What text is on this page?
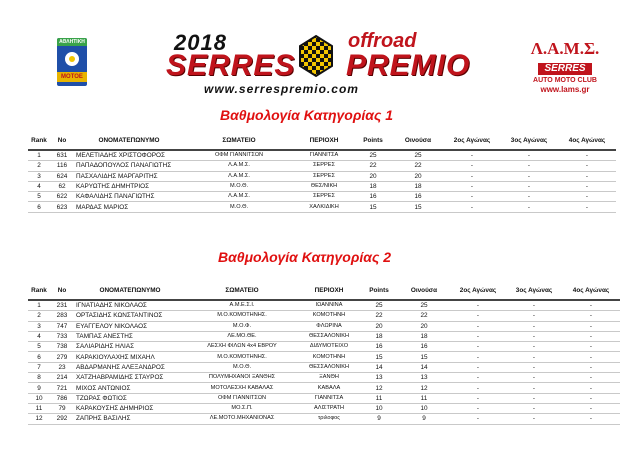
ΑΘΛΗΤΙΚΗ
ΜΟΤΟΕ
2018	offroad
SERRES PREMIO
www.serrespremio.com
Λ.Α.Μ.Σ.
SERRES
AUTO MOTO CLUB
www.lams.gr
Βαθμολογία Κατηγορίας 1
Rank	No	ΟΝΟΜΑΤΕΠΩΝΥΜΟ	ΣΩΜΑΤΕΙΟ	ΠΕΡΙΟΧΗ	Points	Οινούσα	2ος Αγώνας	3ος Αγώνας	4ος Αγώνας

1	631	ΜΕΛΕΤΙΑΔΗΣ ΧΡΙΣΤΟΦΟΡΟΣ	ΟΦΜ ΓΙΑΝΝΙΤΣΩΝ	ΓΙΑΝΝΙΤΣΑ	25	25	-	-	-
2	116	ΠΑΠΑΔΟΠΟΥΛΟΣ ΠΑΝΑΓΙΩΤΗΣ	Λ.Α.Μ.Σ.	ΣΕΡΡΕΣ	22	22	-	-	-
3	624	ΠΑΣΧΑΛΙΔΗΣ ΜΑΡΓΑΡΙΤΗΣ	Λ.Α.Μ.Σ.	ΣΕΡΡΕΣ	20	20	-	-	-
4	62	ΚΑΡΥΩΤΗΣ ΔΗΜΗΤΡΙΟΣ	Μ.Ο.Θ.	ΘΕΣ/ΝΙΚΗ	18	18	-	-	-
5	622	ΚΑΦΑΛΙΔΗΣ ΠΑΝΑΓΙΩΤΗΣ	Λ.Α.Μ.Σ.	ΣΕΡΡΕΣ	16	16	-	-	-
6	623	ΜΑΡΔΑΣ ΜΑΡΙΟΣ	Μ.Ο.Θ.	ΧΑΛΚΙΔΙΚΗ	15	15	-	-	-
Βαθμολογία Κατηγορίας 2
Rank	No	ΟΝΟΜΑΤΕΠΩΝΥΜΟ	ΣΩΜΑΤΕΙΟ	ΠΕΡΙΟΧΗ	Points	Οινούσα	2ος Αγώνας	3ος Αγώνας	4ος Αγώνας

1	231	ΙΓΝΑΤΙΑΔΗΣ ΝΙΚΟΛΑΟΣ	Α.Μ.Ε.Σ.Ι.	ΙΩΑΝΝΙΝΑ	25	25	-	-	-
2	283	ΟΡΤΑΣΙΔΗΣ ΚΩΝΣΤΑΝΤΙΝΟΣ	Μ.Ο.ΚΟΜΟΤΗΝΗΣ.	ΚΟΜΟΤΗΝΗ	22	22	-	-	-
3	747	ΕΥΑΓΓΕΛΟΥ ΝΙΚΟΛΑΟΣ	Μ.Ο.Φ.	ΦΛΩΡΙΝΑ	20	20	-	-	-
4	733	ΤΑΜΠΑΣ ΑΝΕΣΤΗΣ	ΛΕ.ΜΟ.ΘΕ.	ΘΕΣΣΑΛΟΝΙΚΗ	18	18	-	-	-
5	738	ΣΑΛΙΑΡΙΔΗΣ ΗΛΙΑΣ	ΛΕΣΧΗ ΦΙΛΩΝ 4x4 ΕΒΡΟΥ	ΔΙΔΥΜΟΤΕΙΧΟ	16	16	-	-	-
6	279	ΚΑΡΑΚΙΟΥΛΑΧΗΣ ΜΙΧΑΗΛ	Μ.Ο.ΚΟΜΟΤΗΝΗΣ.	ΚΟΜΟΤΗΝΗ	15	15	-	-	-
7	23	ΑΒΔΑΡΜΑΝΗΣ ΑΛΕΞΑΝΔΡΟΣ	Μ.Ο.Θ.	ΘΕΣΣΑΛΟΝΙΚΗ	14	14	-	-	-
8	214	ΧΑΤΖΗΑΒΡΑΜΙΔΗΣ ΣΤΑΥΡΟΣ	ΠΟΛΥΜΗΧΑΝΟΙ ΞΑΝΘΗΣ	ΞΑΝΘΗ	13	13	-	-	-
9	721	ΜΙΧΟΣ ΑΝΤΩΝΙΟΣ	ΜΟΤΟΛΕΣΧΗ ΚΑΒΑΛΑΣ	ΚΑΒΑΛΑ	12	12	-	-	-
10	786	ΤΖΩΡΑΣ ΦΩΤΙΟΣ	ΟΦΜ ΓΙΑΝΝΙΤΣΩΝ	ΓΙΑΝΝΙΤΣΑ	11	11	-	-	-
11	79	ΚΑΡΑΚΟΥΣΗΣ ΔΗΜΗΡΙΟΣ	ΜΟ.Σ.Π.	ΑΛΙΣΤΡΑΤΗ	10	10	-	-	-
12	292	ΖΑΠΡΗΣ ΒΑΣΙΛΗΣ	ΛΕ.ΜΟΤΟ.ΜΗΧΑΝΙΟΝΑΣ	τριλοφος	9	9	-	-	-
